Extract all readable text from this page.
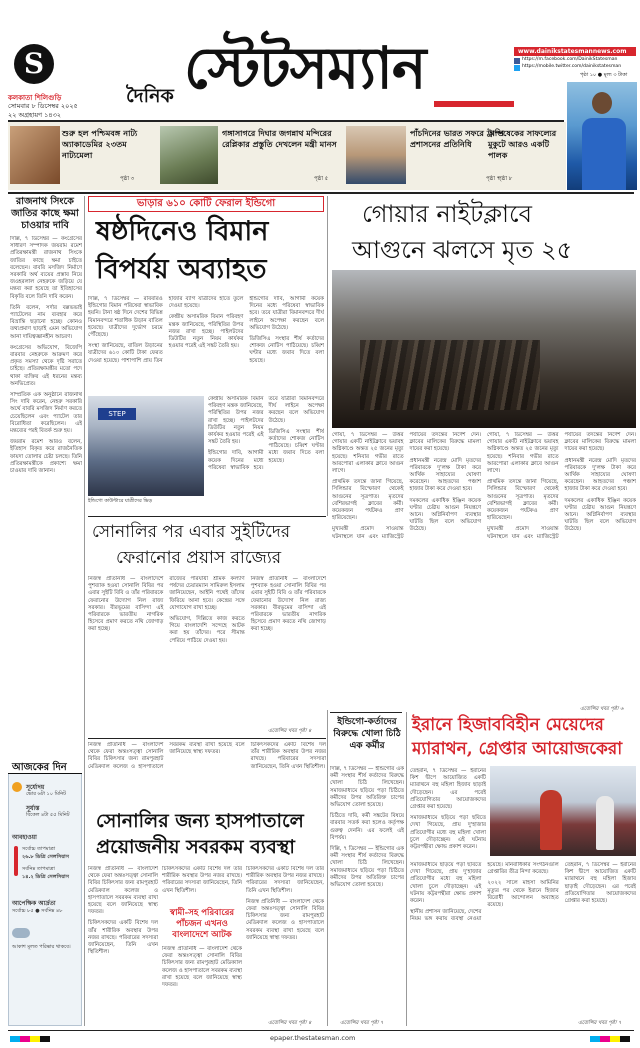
S
কলকাতা শিলিগুড়ি
সোমবার ৮ ডিসেম্বর ২০২৫
২২ অগ্রহায়ণ ১৪৩২
দৈনিক স্টেটসম্যান	www.dainikstatesmannews.com
https://m.facebook.com/DainikStatesman
https://mobile.twitter.com/dainikstatesman
পৃষ্ঠা ১০ ● মূল্য ৩ টাকা
শুরু হল পশ্চিমবঙ্গ নাট্য অ্যাকাডেমির ২৩তম নাট্যমেলা
পৃষ্ঠা ৩
গঙ্গাসাগরে দিঘার জগন্নাথ মন্দিরের রেপ্লিকার প্রস্তুতি দেখলেন মন্ত্রী মানস
পৃষ্ঠা ৫
পাঁচদিনের ভারত সফরে ট্রাম্প প্রশাসনের প্রতিনিধি
পৃষ্ঠা ৭
অভিষেকের সাফল্যের মুকুটে আরও একটি পালক
পৃষ্ঠা ৮
রাজনাথ সিংকে জাতির কাছে ক্ষমা চাওয়ার দাবি

দিল্লি, ৭ ডিসেম্বর — কংগ্রেসের সাধারণ সম্পাদক জয়রাম রমেশ প্রতিরক্ষামন্ত্রী রাজনাথ সিংকে জাতির কাছে ক্ষমা চাইতে বলেছেন। বাবরি মসজিদ নির্মাণে সরকারি অর্থ ব্যয়ের প্রস্তাব নিয়ে জওহরলাল নেহরুকে জড়িয়ে যে মন্তব্য করা হয়েছে তা ইতিহাসের বিকৃতি বলে তিনি দাবি করেন।

তিনি বলেন, সর্দার বল্লভভাই প্যাটেলের নাম ব্যবহার করে বিভ্রান্তি ছড়ানো হচ্ছে। কোনও তথ্যপ্রমাণ ছাড়াই এমন অভিযোগ আনা দায়িত্বজ্ঞানহীন আচরণ।

কংগ্রেসের অভিযোগ, বিজেপি বারবার নেহরুকে আক্রমণ করে প্রকৃত সমস্যা থেকে দৃষ্টি সরাতে চাইছে। প্রতিরক্ষামন্ত্রীর মতো পদে থাকা ব্যক্তির এই ধরনের মন্তব্য অনভিপ্রেত।

সাম্প্রতিক এক অনুষ্ঠানে রাজনাথ সিং দাবি করেন, নেহরু সরকারি অর্থে বাবরি মসজিদ নির্মাণ করতে চেয়েছিলেন এবং প্যাটেল তার বিরোধিতা করেছিলেন। এই মন্তব্যের পরই বিতর্ক শুরু হয়।

জয়রাম রমেশ আরও বলেন, ইতিহাস বিকৃত করে রাজনৈতিক ফায়দা তোলার চেষ্টা চলছে। তিনি প্রতিরক্ষামন্ত্রীকে প্রকাশ্যে ক্ষমা চাওয়ার দাবি জানান।

আজকের দিন
সূর্যোদয়
ভোর ৬টা ১০ মিনিট
সূর্যাস্ত
বিকেল ৪টা ৫৫ মিনিট
আবহাওয়া
সর্বোচ্চ তাপমাত্রা
২৬.৮ ডিগ্রি সেলসিয়াস
সর্বনিম্ন তাপমাত্রা
১৪.২ ডিগ্রি সেলসিয়াস
আপেক্ষিক আর্দ্রতা
সর্বোচ্চ ৮৫ ● সর্বনিম্ন ৪৮
আকাশ মূলত পরিষ্কার থাকবে।
ভাড়ার ৬১০ কোটি ফেরাল ইন্ডিগো
ষষ্ঠদিনেও বিমান
বিপর্যয় অব্যাহত

দিল্লি, ৭ ডিসেম্বর — রবিবারও ইন্ডিগোর বিমান পরিষেবা স্বাভাবিক হয়নি। টানা ষষ্ঠ দিনে দেশের বিভিন্ন বিমানবন্দরে শতাধিক উড়ান বাতিল হয়েছে। যাত্রীদের দুর্ভোগ চরমে পৌঁছেছে।

সংস্থা জানিয়েছে, বাতিল উড়ানের যাত্রীদের ৬১০ কোটি টাকা ফেরত দেওয়া হয়েছে। পাশাপাশি প্রায় তিন হাজার ব্যাগ যাত্রীদের হাতে তুলে দেওয়া হয়েছে।

কেন্দ্রীয় অসামরিক বিমান পরিবহণ মন্ত্রক জানিয়েছে, পরিস্থিতির উপর নজর রাখা হচ্ছে। পাইলটদের ডিউটির নতুন নিয়ম কার্যকর হওয়ার পরেই এই সঙ্কট তৈরি হয়।

ইন্ডিগোর দাবি, আগামী কয়েক দিনের মধ্যে পরিষেবা স্বাভাবিক হবে। তবে যাত্রীরা বিমানবন্দরে দীর্ঘ লাইনে অপেক্ষা করছেন বলে অভিযোগ উঠেছে।

ডিজিসিএ সংস্থার শীর্ষ কর্তাদের শোকজ নোটিস পাঠিয়েছে। চব্বিশ ঘণ্টার মধ্যে জবাব দিতে বলা হয়েছে।

STEP
ইন্ডিগো কাউন্টারে যাত্রীদের ভিড়

কেন্দ্রীয় অসামরিক বিমান পরিবহণ মন্ত্রক জানিয়েছে, পরিস্থিতির উপর নজর রাখা হচ্ছে। পাইলটদের ডিউটির নতুন নিয়ম কার্যকর হওয়ার পরেই এই সঙ্কট তৈরি হয়।

ইন্ডিগোর দাবি, আগামী কয়েক দিনের মধ্যে পরিষেবা স্বাভাবিক হবে। তবে যাত্রীরা বিমানবন্দরে দীর্ঘ লাইনে অপেক্ষা করছেন বলে অভিযোগ উঠেছে।

ডিজিসিএ সংস্থার শীর্ষ কর্তাদের শোকজ নোটিস পাঠিয়েছে। চব্বিশ ঘণ্টার মধ্যে জবাব দিতে বলা হয়েছে।

গোয়ার নাইটক্লাবে
আগুনে ঝলসে মৃত ২৫

গোয়া, ৭ ডিসেম্বর — উত্তর গোয়ার একটি নাইটক্লাবে ভয়াবহ অগ্নিকাণ্ডে অন্তত ২৫ জনের মৃত্যু হয়েছে। শনিবার গভীর রাতে আরপোরা এলাকার ক্লাবে আগুন লাগে।

প্রাথমিক তদন্তে জানা গিয়েছে, সিলিন্ডার বিস্ফোরণ থেকেই আগুনের সূত্রপাত। মৃতদের বেশিরভাগই ক্লাবের কর্মী। কয়েকজন পর্যটকও প্রাণ হারিয়েছেন।

মুখ্যমন্ত্রী প্রমোদ সাওয়ান্ত ঘটনাস্থলে যান এবং ম্যাজিস্ট্রেট পর্যায়ের তদন্তের নির্দেশ দেন। ক্লাবের মালিকের বিরুদ্ধে মামলা দায়ের করা হয়েছে।

প্রধানমন্ত্রী নরেন্দ্র মোদি মৃতদের পরিবারকে দু'লক্ষ টাকা করে আর্থিক সাহায্যের ঘোষণা করেছেন। আহতদের পঞ্চাশ হাজার টাকা করে দেওয়া হবে।

দমকলের একাধিক ইঞ্জিন কয়েক ঘণ্টার চেষ্টায় আগুন নিয়ন্ত্রণে আনে। অগ্নিনির্বাপণ ব্যবস্থার ঘাটতি ছিল বলে অভিযোগ উঠেছে।

গোয়া, ৭ ডিসেম্বর — উত্তর গোয়ার একটি নাইটক্লাবে ভয়াবহ অগ্নিকাণ্ডে অন্তত ২৫ জনের মৃত্যু হয়েছে। শনিবার গভীর রাতে আরপোরা এলাকার ক্লাবে আগুন লাগে।

প্রাথমিক তদন্তে জানা গিয়েছে, সিলিন্ডার বিস্ফোরণ থেকেই আগুনের সূত্রপাত। মৃতদের বেশিরভাগই ক্লাবের কর্মী। কয়েকজন পর্যটকও প্রাণ হারিয়েছেন।

মুখ্যমন্ত্রী প্রমোদ সাওয়ান্ত ঘটনাস্থলে যান এবং ম্যাজিস্ট্রেট পর্যায়ের তদন্তের নির্দেশ দেন। ক্লাবের মালিকের বিরুদ্ধে মামলা দায়ের করা হয়েছে।

প্রধানমন্ত্রী নরেন্দ্র মোদি মৃতদের পরিবারকে দু'লক্ষ টাকা করে আর্থিক সাহায্যের ঘোষণা করেছেন। আহতদের পঞ্চাশ হাজার টাকা করে দেওয়া হবে।

দমকলের একাধিক ইঞ্জিন কয়েক ঘণ্টার চেষ্টায় আগুন নিয়ন্ত্রণে আনে। অগ্নিনির্বাপণ ব্যবস্থার ঘাটতি ছিল বলে অভিযোগ উঠেছে।

এজেন্সির খবর পৃষ্ঠা ৬
সোনালির পর এবার সুইটিদের
ফেরানোর প্রয়াস রাজ্যের

নিজস্ব প্রতিনিধি — বাংলাদেশে পুশব্যাক হওয়া সোনালি বিবির পর এবার সুইটি বিবি ও তাঁর পরিবারকে ফেরানোর উদ্যোগ নিল রাজ্য সরকার। বীরভূমের বাসিন্দা এই পরিবারকে ভারতীয় নাগরিক হিসেবে প্রমাণ করতে নথি জোগাড় করা হচ্ছে।

রাজ্যের পরিযায়ী শ্রমিক কল্যাণ পর্ষদের চেয়ারম্যান সামিরুল ইসলাম জানিয়েছেন, আইনি পথেই তাঁদের ফিরিয়ে আনা হবে। কেন্দ্রের সঙ্গে যোগাযোগ রাখা হচ্ছে।

অভিযোগ, দিল্লিতে কাজ করতে গিয়ে বাংলাদেশি সন্দেহে আটক করা হয় তাঁদের। পরে সীমান্ত পেরিয়ে পাঠিয়ে দেওয়া হয়।

নিজস্ব প্রতিনিধি — বাংলাদেশে পুশব্যাক হওয়া সোনালি বিবির পর এবার সুইটি বিবি ও তাঁর পরিবারকে ফেরানোর উদ্যোগ নিল রাজ্য সরকার। বীরভূমের বাসিন্দা এই পরিবারকে ভারতীয় নাগরিক হিসেবে প্রমাণ করতে নথি জোগাড় করা হচ্ছে।

এজেন্সির খবর পৃষ্ঠা ৪
ইন্ডিগো-কর্তাদের বিরুদ্ধে খোলা চিঠি এক কর্মীর

দিল্লি, ৭ ডিসেম্বর — ইন্ডিগোর এক কর্মী সংস্থার শীর্ষ কর্তাদের বিরুদ্ধে খোলা চিঠি লিখেছেন। সমাজমাধ্যমে ছড়িয়ে পড়া চিঠিতে কর্মীদের উপর অতিরিক্ত চাপের অভিযোগ তোলা হয়েছে।

চিঠিতে দাবি, কর্মী সঙ্কটের বিষয়ে বারবার সতর্ক করা হলেও কর্তৃপক্ষ গুরুত্ব দেননি। এর ফলেই এই বিপর্যয়।

দিল্লি, ৭ ডিসেম্বর — ইন্ডিগোর এক কর্মী সংস্থার শীর্ষ কর্তাদের বিরুদ্ধে খোলা চিঠি লিখেছেন। সমাজমাধ্যমে ছড়িয়ে পড়া চিঠিতে কর্মীদের উপর অতিরিক্ত চাপের অভিযোগ তোলা হয়েছে।

এজেন্সির খবর পৃষ্ঠা ৭
ইরানে হিজাববিহীন মেয়েদের
ম্যারাথন, গ্রেপ্তার আয়োজকেরা

তেহরান, ৭ ডিসেম্বর — ইরানের কিশ দ্বীপে আয়োজিত একটি ম্যারাথনে বহু মহিলা হিজাব ছাড়াই দৌড়েছেন। এর পরেই প্রতিযোগিতার আয়োজকদের গ্রেপ্তার করা হয়েছে।

সমাজমাধ্যমে ছড়িয়ে পড়া ছবিতে দেখা গিয়েছে, প্রায় দু'হাজার প্রতিযোগীর মধ্যে বহু মহিলা খোলা চুলে দৌড়াচ্ছেন। এই ঘটনায় কট্টরপন্থীরা ক্ষোভ প্রকাশ করেন।

সমাজমাধ্যমে ছড়িয়ে পড়া ছবিতে দেখা গিয়েছে, প্রায় দু'হাজার প্রতিযোগীর মধ্যে বহু মহিলা খোলা চুলে দৌড়াচ্ছেন। এই ঘটনায় কট্টরপন্থীরা ক্ষোভ প্রকাশ করেন।

স্থানীয় প্রশাসন জানিয়েছে, দেশের নিয়ম ভঙ্গ করায় ব্যবস্থা নেওয়া হয়েছে। মানবাধিকার সংগঠনগুলি গ্রেপ্তারির তীব্র নিন্দা করেছে।

২০২২ সালে মাহসা আমিনির মৃত্যুর পর থেকে ইরানে হিজাব বিরোধী আন্দোলন অব্যাহত রয়েছে।

তেহরান, ৭ ডিসেম্বর — ইরানের কিশ দ্বীপে আয়োজিত একটি ম্যারাথনে বহু মহিলা হিজাব ছাড়াই দৌড়েছেন। এর পরেই প্রতিযোগিতার আয়োজকদের গ্রেপ্তার করা হয়েছে।

এজেন্সির খবর পৃষ্ঠা ৭
সোনালির জন্য হাসপাতালে
প্রয়োজনীয় সবরকম ব্যবস্থা

নিজস্ব প্রতিনিধি — বাংলাদেশ থেকে ফেরা অন্তঃসত্ত্বা সোনালি বিবির চিকিৎসার জন্য রামপুরহাট মেডিক্যাল কলেজ ও হাসপাতালে সবরকম ব্যবস্থা রাখা হয়েছে বলে জানিয়েছে স্বাস্থ্য দফতর।

চিকিৎসকদের একটি বিশেষ দল তাঁর শারীরিক অবস্থার উপর নজর রাখছে। পরিবারের সদস্যরা জানিয়েছেন, তিনি এখন স্থিতিশীল।

নিজস্ব প্রতিনিধি — বাংলাদেশ থেকে ফেরা অন্তঃসত্ত্বা সোনালি বিবির চিকিৎসার জন্য রামপুরহাট মেডিক্যাল কলেজ ও হাসপাতালে সবরকম ব্যবস্থা রাখা হয়েছে বলে জানিয়েছে স্বাস্থ্য দফতর।

চিকিৎসকদের একটি বিশেষ দল তাঁর শারীরিক অবস্থার উপর নজর রাখছে। পরিবারের সদস্যরা জানিয়েছেন, তিনি এখন স্থিতিশীল।

স্বামী-সহ পরিবারের
পাঁচজন এখনও
বাংলাদেশে আটক

চিকিৎসকদের একটি বিশেষ দল তাঁর শারীরিক অবস্থার উপর নজর রাখছে। পরিবারের সদস্যরা জানিয়েছেন, তিনি এখন স্থিতিশীল।

নিজস্ব প্রতিনিধি — বাংলাদেশ থেকে ফেরা অন্তঃসত্ত্বা সোনালি বিবির চিকিৎসার জন্য রামপুরহাট মেডিক্যাল কলেজ ও হাসপাতালে সবরকম ব্যবস্থা রাখা হয়েছে বলে জানিয়েছে স্বাস্থ্য দফতর।

চিকিৎসকদের একটি বিশেষ দল তাঁর শারীরিক অবস্থার উপর নজর রাখছে। পরিবারের সদস্যরা জানিয়েছেন, তিনি এখন স্থিতিশীল।

নিজস্ব প্রতিনিধি — বাংলাদেশ থেকে ফেরা অন্তঃসত্ত্বা সোনালি বিবির চিকিৎসার জন্য রামপুরহাট মেডিক্যাল কলেজ ও হাসপাতালে সবরকম ব্যবস্থা রাখা হয়েছে বলে জানিয়েছে স্বাস্থ্য দফতর।

এজেন্সির খবর পৃষ্ঠা ৪
epaper.thestatesman.com
